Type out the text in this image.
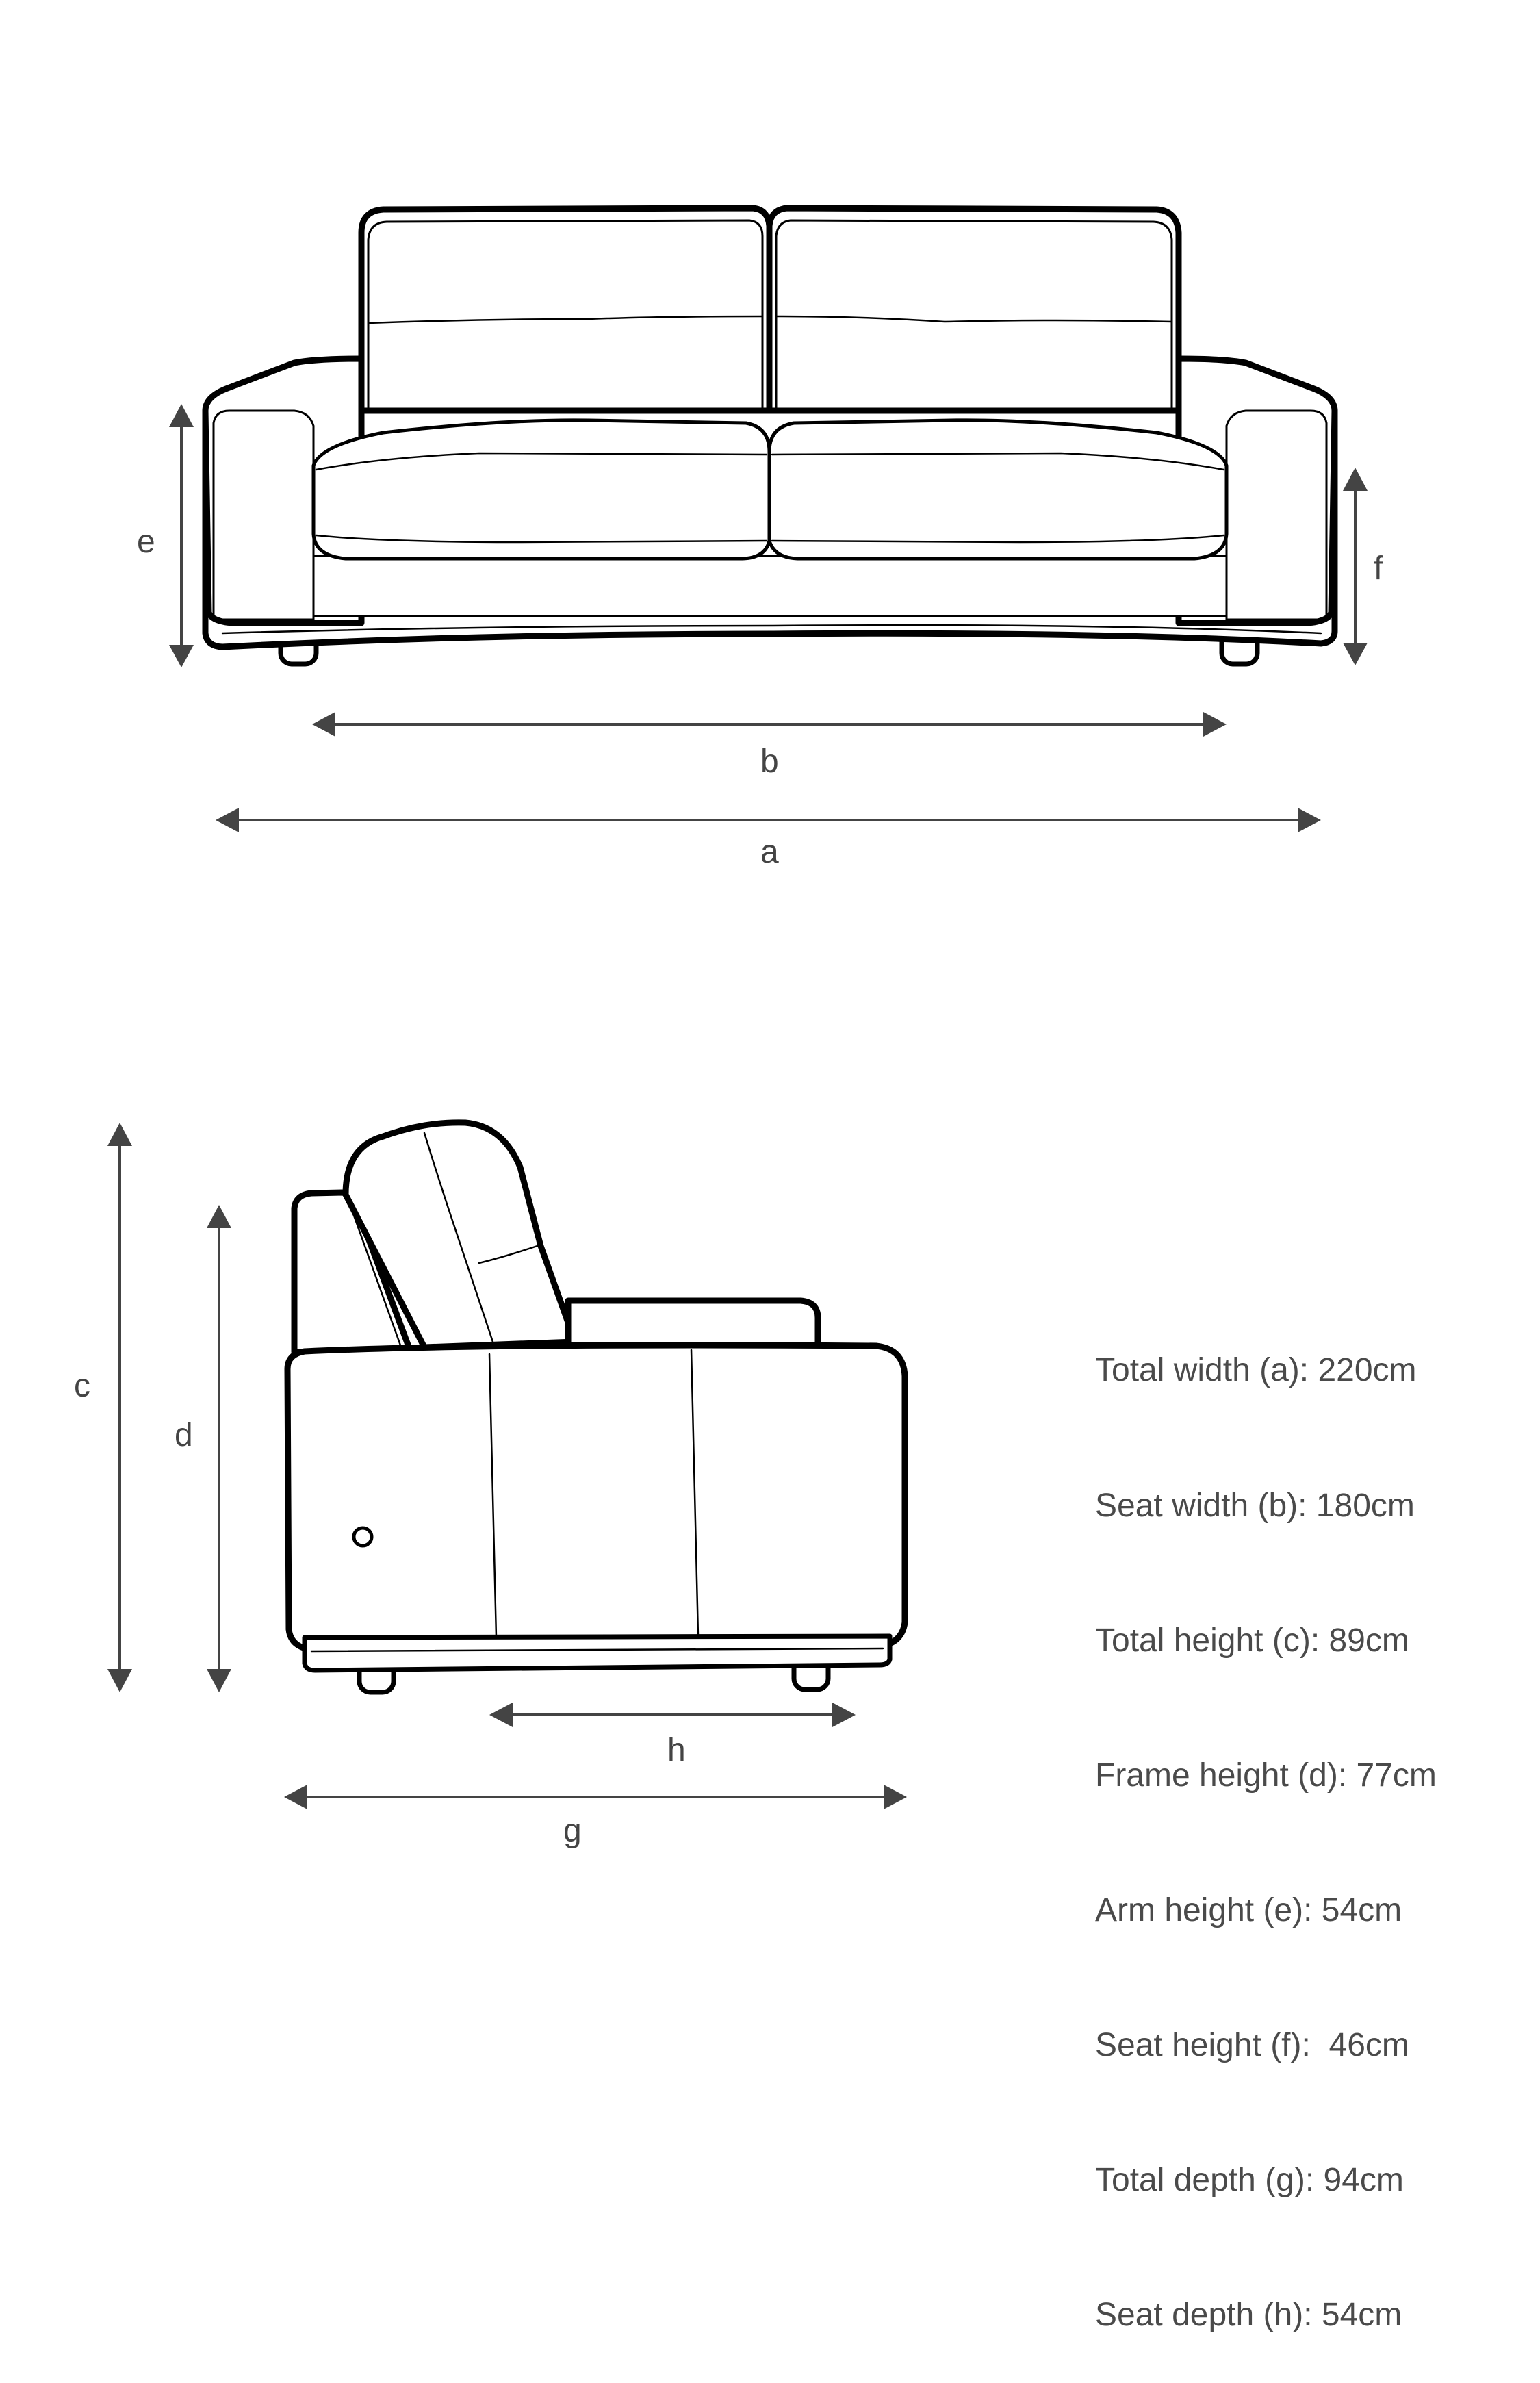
e
f
b
a
c
d
h
g

Total width (a): 220cm

Seat width (b): 180cm

Total height (c): 89cm

Frame height (d): 77cm

Arm height (e): 54cm

Seat height (f):  46cm

Total depth (g): 94cm

Seat depth (h): 54cm
